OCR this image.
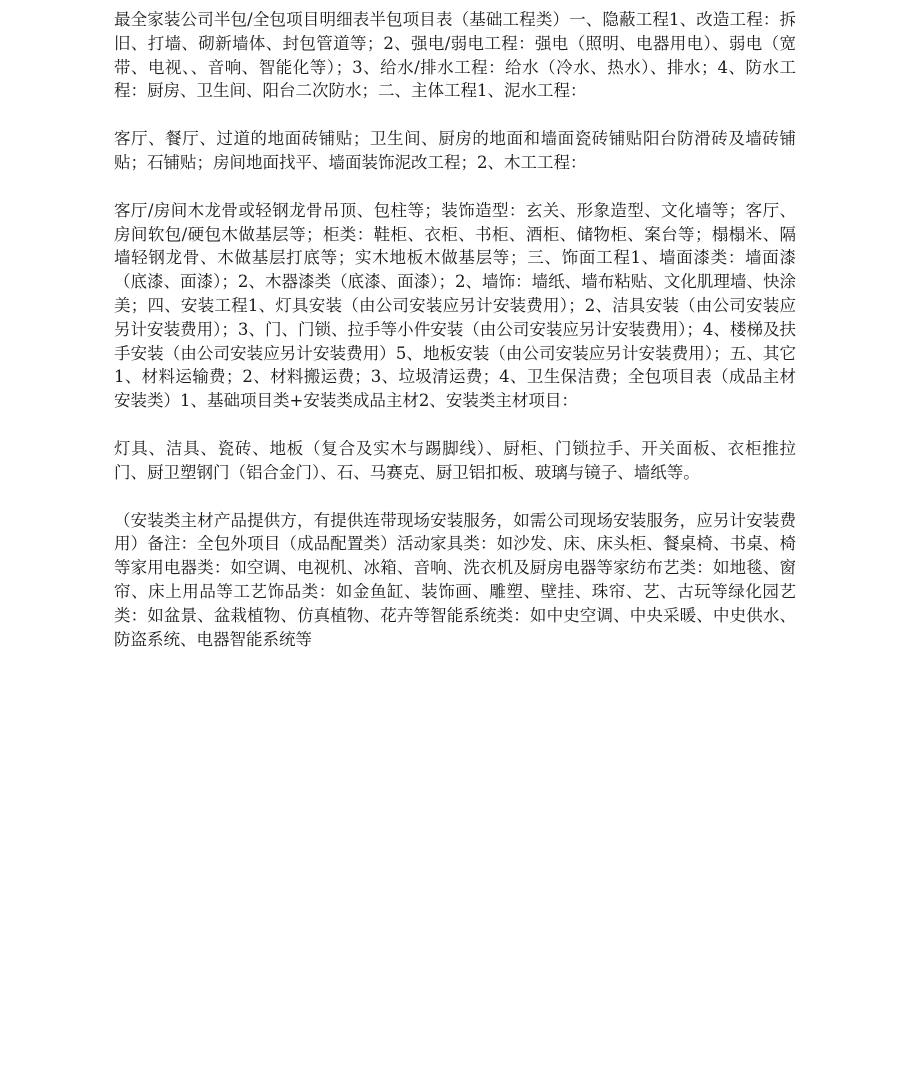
最全家装公司半包/全包项目明细表半包项目表（基础工程类）一、隐蔽工程1、改造工程：拆旧、打墙、砌新墙体、封包管道等；2、强电/弱电工程：强电（照明、电器用电）、弱电（宽带、电视、、音响、智能化等）；3、给水/排水工程：给水（冷水、热水）、排水；4、防水工程：厨房、卫生间、阳台二次防水；二、主体工程1、泥水工程：

客厅、餐厅、过道的地面砖铺贴；卫生间、厨房的地面和墙面瓷砖铺贴阳台防滑砖及墙砖铺贴；石铺贴；房间地面找平、墙面装饰泥改工程；2、木工工程：

客厅/房间木龙骨或轻钢龙骨吊顶、包柱等；装饰造型：玄关、形象造型、文化墙等；客厅、房间软包/硬包木做基层等；柜类：鞋柜、衣柜、书柜、酒柜、储物柜、案台等；榻榻米、隔墙轻钢龙骨、木做基层打底等；实木地板木做基层等；三、饰面工程1、墙面漆类：墙面漆（底漆、面漆）；2、木器漆类（底漆、面漆）；2、墙饰：墙纸、墙布粘贴、文化肌理墙、快涂美；四、安装工程1、灯具安装（由公司安装应另计安装费用）；2、洁具安装（由公司安装应另计安装费用）；3、门、门锁、拉手等小件安装（由公司安装应另计安装费用）；4、楼梯及扶手安装（由公司安装应另计安装费用）5、地板安装（由公司安装应另计安装费用）；五、其它1、材料运输费；2、材料搬运费；3、垃圾清运费；4、卫生保洁费；全包项目表（成品主材安装类）1、基础项目类+安装类成品主材2、安装类主材项目：

灯具、洁具、瓷砖、地板（复合及实木与踢脚线）、厨柜、门锁拉手、开关面板、衣柜推拉门、厨卫塑钢门（铝合金门）、石、马赛克、厨卫铝扣板、玻璃与镜子、墙纸等。

（安装类主材产品提供方，有提供连带现场安装服务，如需公司现场安装服务，应另计安装费用）备注：全包外项目（成品配置类）活动家具类：如沙发、床、床头柜、餐桌椅、书桌、椅等家用电器类：如空调、电视机、冰箱、音响、洗衣机及厨房电器等家纺布艺类：如地毯、窗帘、床上用品等工艺饰品类：如金鱼缸、装饰画、雕塑、壁挂、珠帘、艺、古玩等绿化园艺类：如盆景、盆栽植物、仿真植物、花卉等智能系统类：如中史空调、中央采暖、中史供水、防盗系统、电器智能系统等
